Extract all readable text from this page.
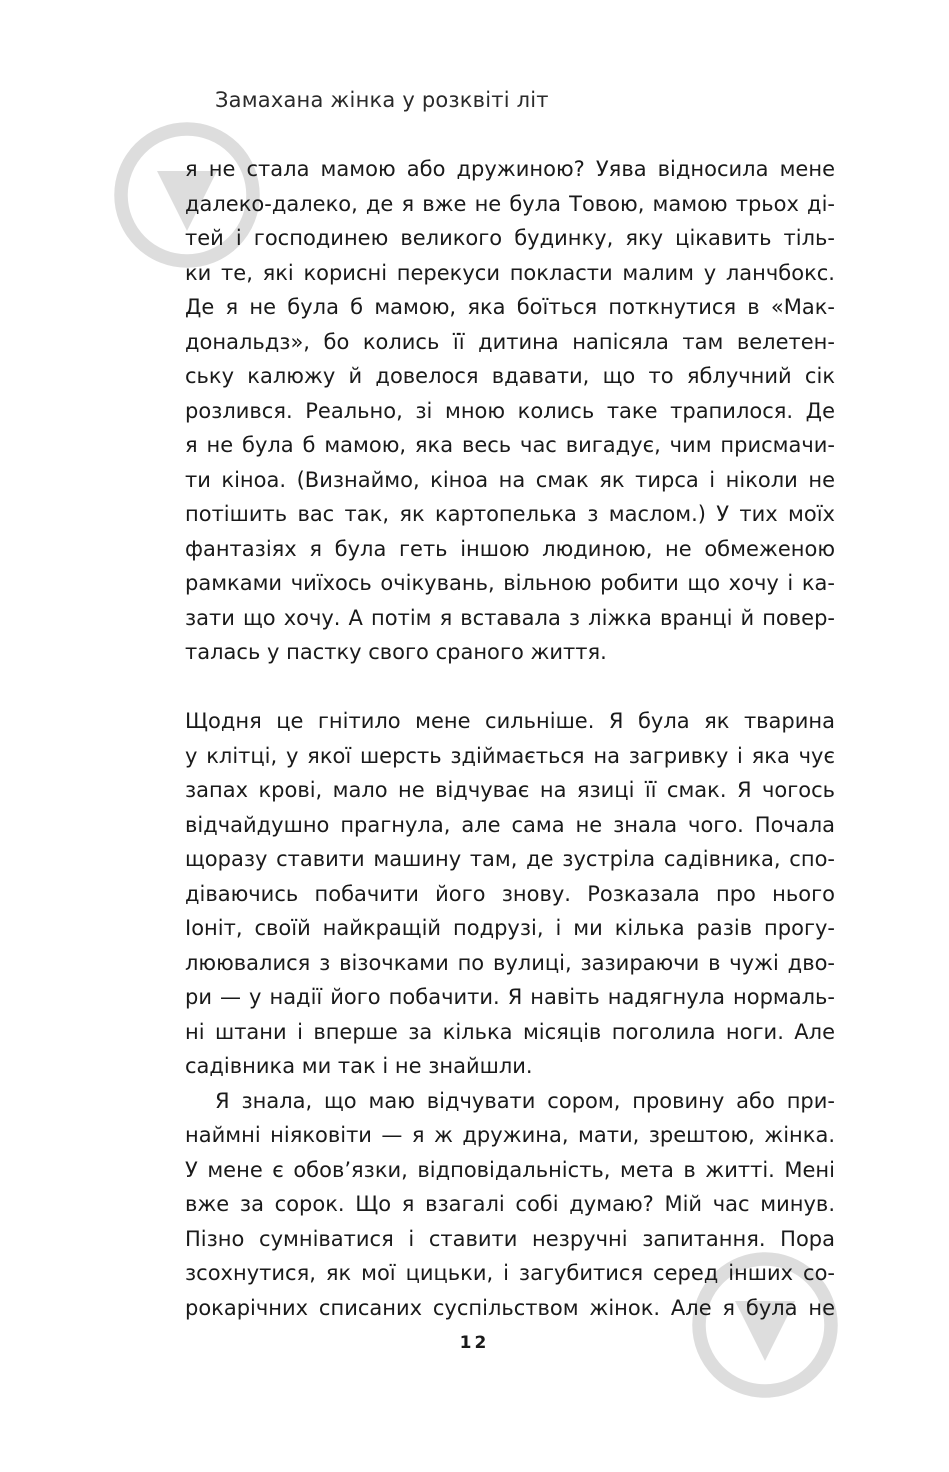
Замахана жінка у розквіті літ
я не стала мамою або дружиною? Уява відносила мене
далеко-далеко, де я вже не була Товою, мамою трьох ді-
тей і господинею великого будинку, яку цікавить тіль-
ки те, які корисні перекуси покласти малим у ланчбокс.
Де я не була б мамою, яка боїться поткнутися в «Мак-
дональдз», бо колись її дитина напісяла там велетен-
ську калюжу й довелося вдавати, що то яблучний сік
розлився. Реально, зі мною колись таке трапилося. Де
я не була б мамою, яка весь час вигадує, чим присмачи-
ти кіноа. (Визнаймо, кіноа на смак як тирса і ніколи не
потішить вас так, як картопелька з маслом.) У тих моїх
фантазіях я була геть іншою людиною, не обмеженою
рамками чиїхось очікувань, вільною робити що хочу і ка-
зати що хочу. А потім я вставала з ліжка вранці й повер-
талась у пастку свого сраного життя.
Щодня це гнітило мене сильніше. Я була як тварина
у клітці, у якої шерсть здіймається на загривку і яка чує
запах крові, мало не відчуває на язиці її смак. Я чогось
відчайдушно прагнула, але сама не знала чого. Почала
щоразу ставити машину там, де зустріла садівника, спо-
діваючись побачити його знову. Розказала про нього
Іоніт, своїй найкращій подрузі, і ми кілька разів прогу-
люювалися з візочками по вулиці, зазираючи в чужі дво-
ри — у надії його побачити. Я навіть надягнула нормаль-
ні штани і вперше за кілька місяців поголила ноги. Але
садівника ми так і не знайшли.
Я знала, що маю відчувати сором, провину або при-
наймні ніяковіти — я ж дружина, мати, зрештою, жінка.
У мене є обов’язки, відповідальність, мета в житті. Мені
вже за сорок. Що я взагалі собі думаю? Мій час минув.
Пізно сумніватися і ставити незручні запитання. Пора
зсохнутися, як мої цицьки, і загубитися серед інших со-
рокарічних списаних суспільством жінок. Але я була не
12
